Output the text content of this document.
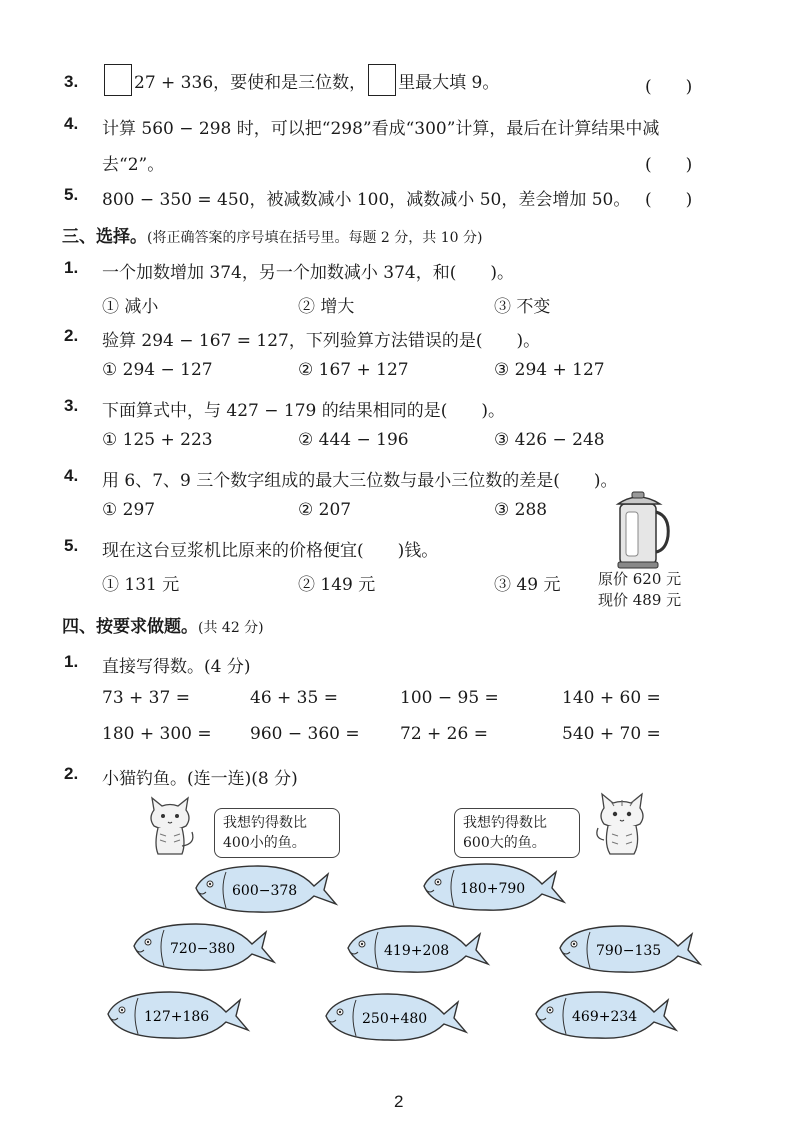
3.	27 + 336，要使和是三位数， 里最大填 9。	(　　)
4. 计算 560 − 298 时，可以把“298”看成“300”计算，最后在计算结果中减
去“2”。	(　　)
5. 800 − 350 = 450，被减数减小 100，减数减小 50，差会增加 50。 (　　)
三、选择。(将正确答案的序号填在括号里。每题 2 分，共 10 分)
1. 一个加数增加 374，另一个加数减小 374，和(　　)。
① 减小	② 增大	③ 不变
2. 验算 294 − 167 = 127，下列验算方法错误的是(　　)。
① 294 − 127	② 167 + 127	③ 294 + 127
3. 下面算式中，与 427 − 179 的结果相同的是(　　)。
① 125 + 223	② 444 − 196	③ 426 − 248
4. 用 6、7、9 三个数字组成的最大三位数与最小三位数的差是(　　)。
① 297	② 207	③ 288
5. 现在这台豆浆机比原来的价格便宜(　　)钱。
① 131 元	② 149 元	③ 49 元	原价 620 元
现价 489 元
四、按要求做题。(共 42 分)
1. 直接写得数。(4 分)
73 + 37 =	46 + 35 =	100 − 95 =	140 + 60 =
180 + 300 = 960 − 360 = 72 + 26 =	540 + 70 =
2. 小猫钓鱼。(连一连)(8 分)
我想钓得数比
400小的鱼。
我想钓得数比
600大的鱼。
600−378	180+790
720−380	419+208	790−135
127+186	250+480	469+234
2
